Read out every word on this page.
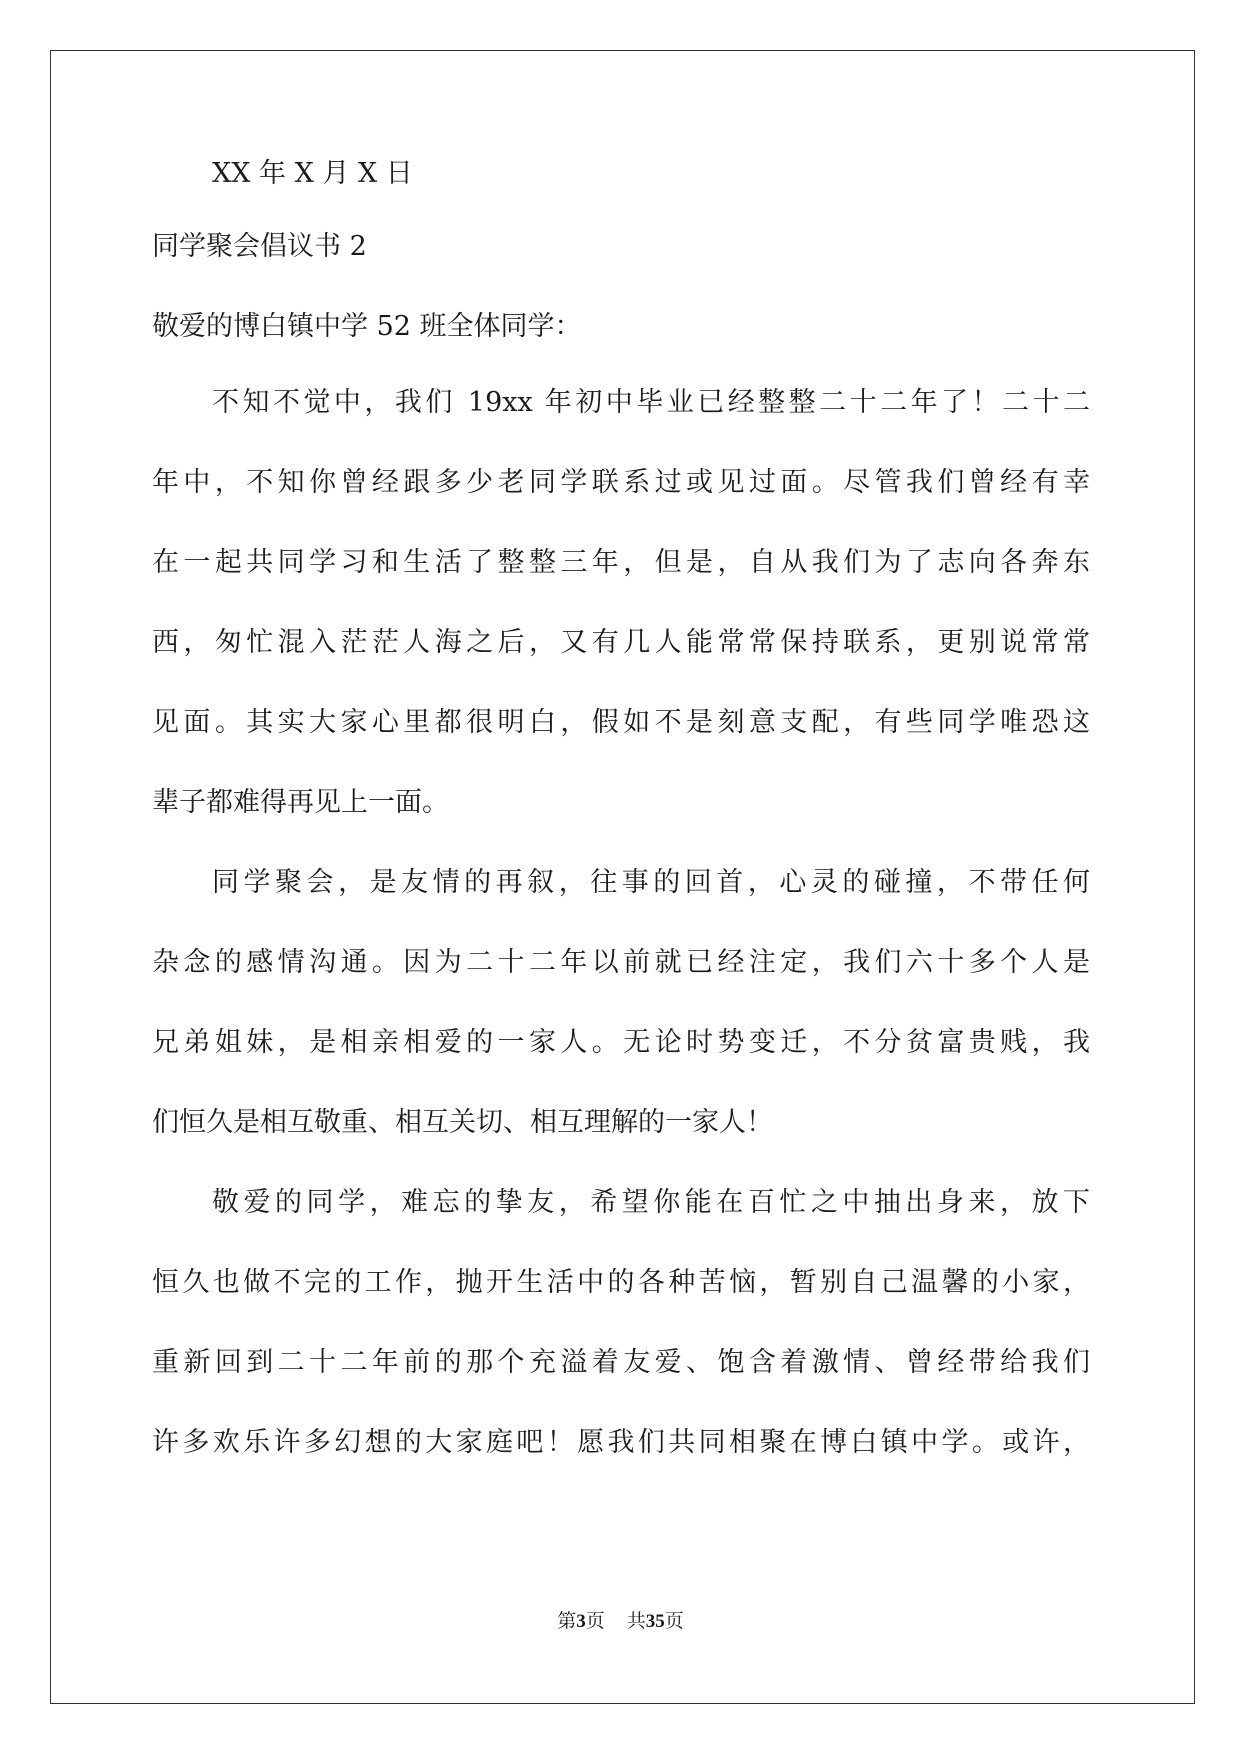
XX 年 X 月 X 日
同学聚会倡议书 2
敬爱的博白镇中学 52 班全体同学：
不知不觉中，我们 19xx 年初中毕业已经整整二十二年了！二十二
年中，不知你曾经跟多少老同学联系过或见过面。尽管我们曾经有幸
在一起共同学习和生活了整整三年，但是，自从我们为了志向各奔东
西，匆忙混入茫茫人海之后，又有几人能常常保持联系，更别说常常
见面。其实大家心里都很明白，假如不是刻意支配，有些同学唯恐这
辈子都难得再见上一面。
同学聚会，是友情的再叙，往事的回首，心灵的碰撞，不带任何
杂念的感情沟通。因为二十二年以前就已经注定，我们六十多个人是
兄弟姐妹，是相亲相爱的一家人。无论时势变迁，不分贫富贵贱，我
们恒久是相互敬重、相互关切、相互理解的一家人！
敬爱的同学，难忘的挚友，希望你能在百忙之中抽出身来，放下
恒久也做不完的工作，抛开生活中的各种苦恼，暂别自己温馨的小家，
重新回到二十二年前的那个充溢着友爱、饱含着激情、曾经带给我们
许多欢乐许多幻想的大家庭吧！愿我们共同相聚在博白镇中学。或许，
第3页 共35页
